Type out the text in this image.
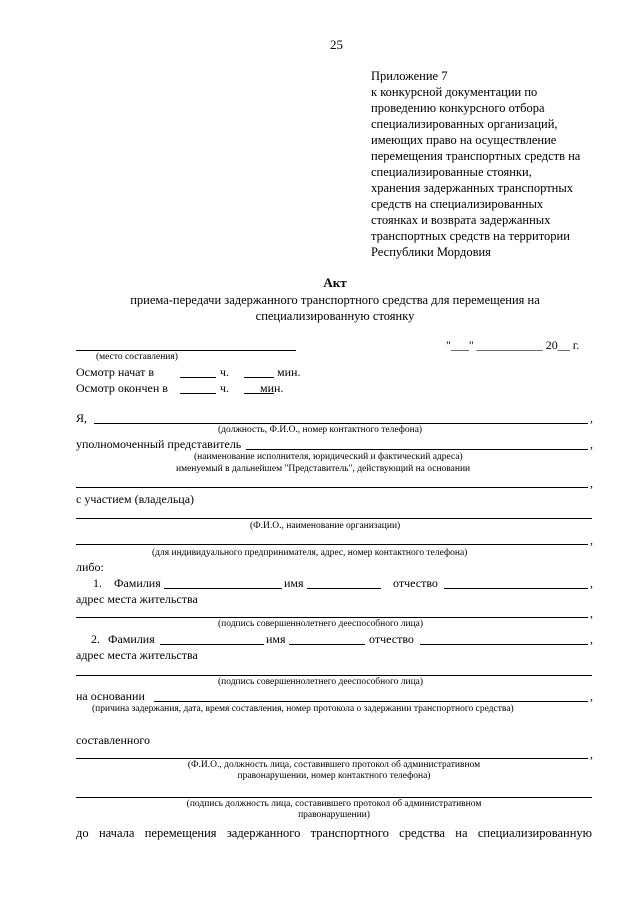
25
Приложение 7
к конкурсной документации по
проведению конкурсного отбора
специализированных организаций,
имеющих право на осуществление
перемещения транспортных средств на
специализированные стоянки,
хранения задержанных транспортных
средств на специализированных
стоянках и возврата задержанных
транспортных средств на территории
Республики Мордовия
Акт
приема-передачи задержанного транспортного средства для перемещения на
специализированную стоянку
"___" ___________ 20__ г.
(место составления)
Осмотр начат в	ч.	мин.
Осмотр окончен в	ч.	мин.
Я,	,
(должность, Ф.И.О., номер контактного телефона)
уполномоченный представитель	,
(наименование исполнителя, юридический и фактический адреса)
именуемый в дальнейшем "Представитель", действующий на основании
,
с участием (владельца)
(Ф.И.О., наименование организации)
,
(для индивидуального предпринимателя, адрес, номер контактного телефона)
либо:
1. Фамилия	имя	отчество	,
адрес места жительства
,
(подпись совершеннолетнего дееспособного лица)
2. Фамилия	имя	отчество	,
адрес места жительства
(подпись совершеннолетнего дееспособного лица)
на основании	,
(причина задержания, дата, время составления, номер протокола о задержании транспортного средства)
составленного
,
(Ф.И.О., должность лица, составившего протокол об административном
правонарушении, номер контактного телефона)
(подпись должность лица, составившего протокол об административном
правонарушении)
до начала перемещения задержанного транспортного средства на специализированную
